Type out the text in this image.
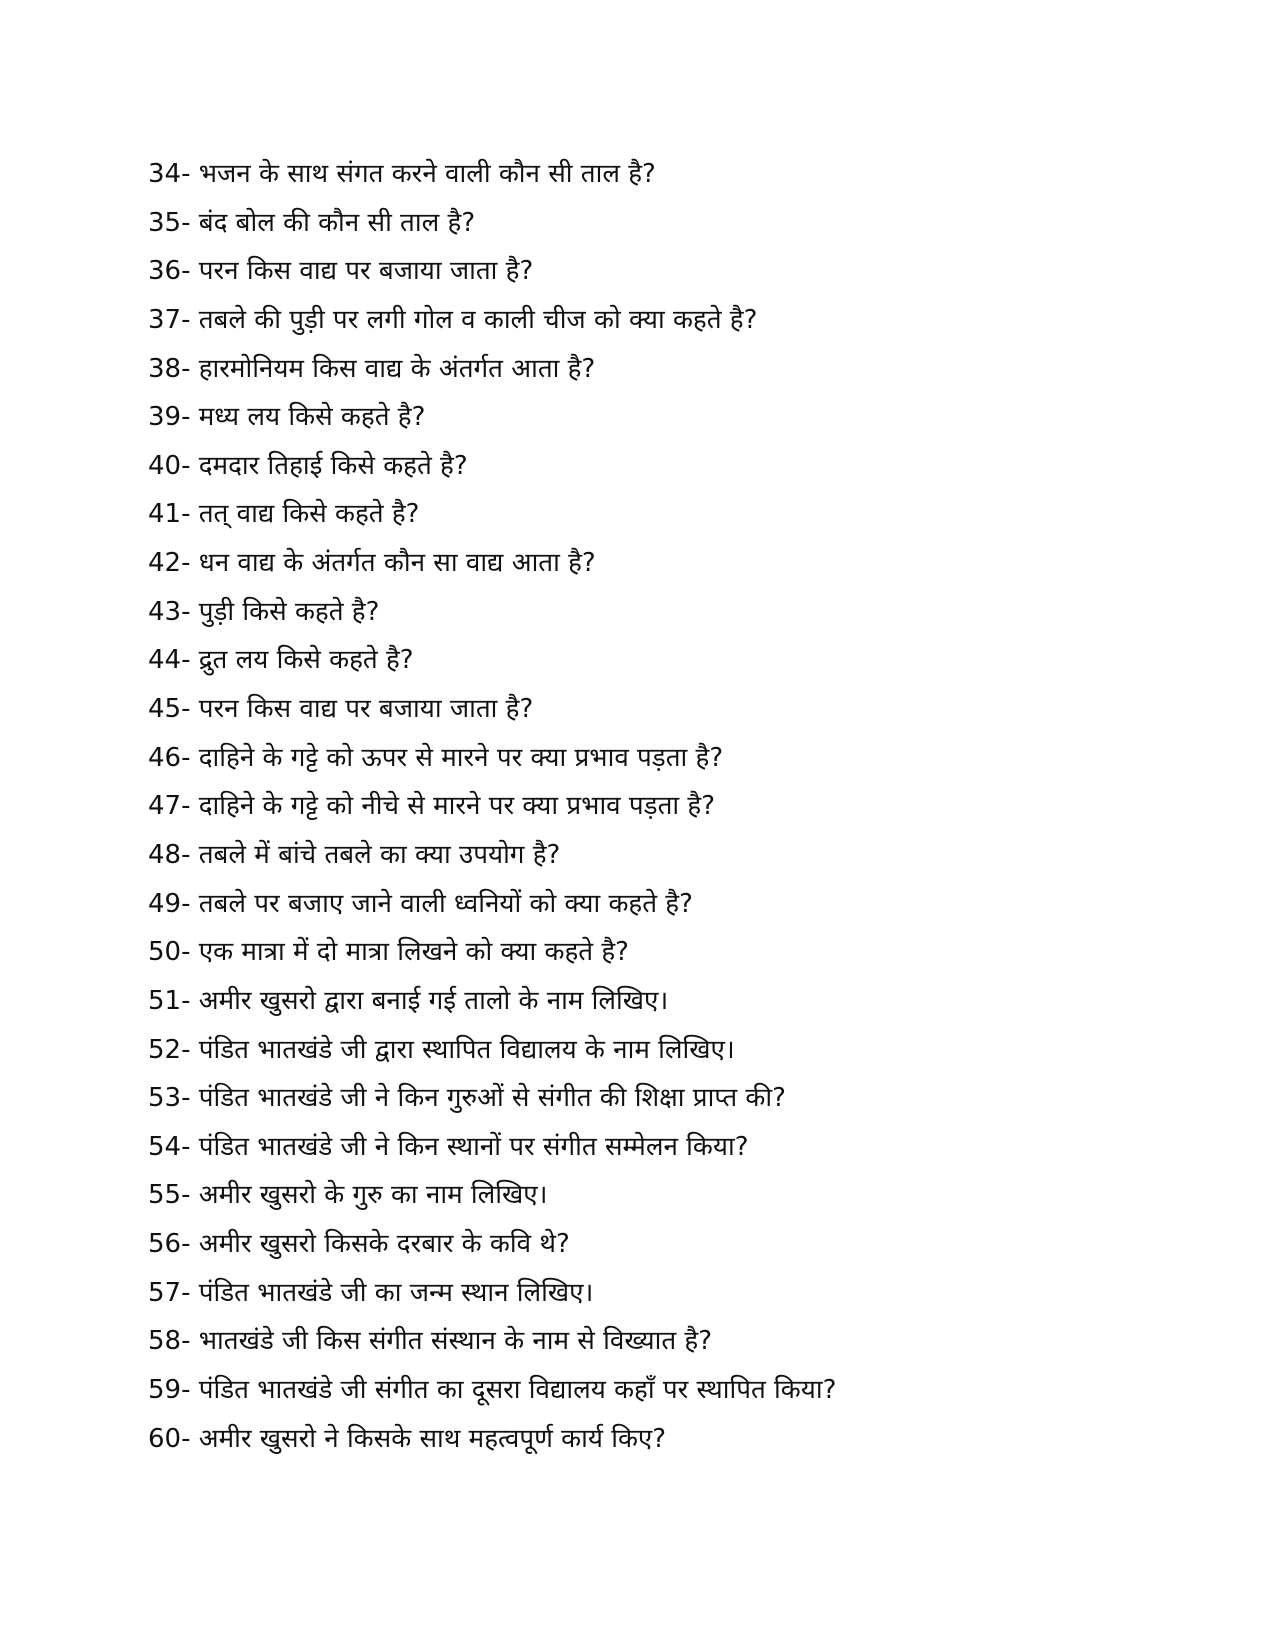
34- भजन के साथ संगत करने वाली कौन सी ताल है?
35- बंद बोल की कौन सी ताल है?
36- परन किस वाद्य पर बजाया जाता है?
37- तबले की पुड़ी पर लगी गोल व काली चीज को क्या कहते है?
38- हारमोनियम किस वाद्य के अंतर्गत आता है?
39- मध्य लय किसे कहते है?
40- दमदार तिहाई किसे कहते है?
41- तत् वाद्य किसे कहते है?
42- धन वाद्य के अंतर्गत कौन सा वाद्य आता है?
43- पुड़ी किसे कहते है?
44- द्रुत लय किसे कहते है?
45- परन किस वाद्य पर बजाया जाता है?
46- दाहिने के गट्टे को ऊपर से मारने पर क्या प्रभाव पड़ता है?
47- दाहिने के गट्टे को नीचे से मारने पर क्या प्रभाव पड़ता है?
48- तबले में बांचे तबले का क्या उपयोग है?
49- तबले पर बजाए जाने वाली ध्वनियों को क्या कहते है?
50- एक मात्रा में दो मात्रा लिखने को क्या कहते है?
51- अमीर खुसरो द्वारा बनाई गई तालो के नाम लिखिए।
52- पंडित भातखंडे जी द्वारा स्थापित विद्यालय के नाम लिखिए।
53- पंडित भातखंडे जी ने किन गुरुओं से संगीत की शिक्षा प्राप्त की?
54- पंडित भातखंडे जी ने किन स्थानों पर संगीत सम्मेलन किया?
55- अमीर खुसरो के गुरु का नाम लिखिए।
56- अमीर खुसरो किसके दरबार के कवि थे?
57- पंडित भातखंडे जी का जन्म स्थान लिखिए।
58- भातखंडे जी किस संगीत संस्थान के नाम से विख्यात है?
59- पंडित भातखंडे जी संगीत का दूसरा विद्यालय कहाँ पर स्थापित किया?
60- अमीर खुसरो ने किसके साथ महत्वपूर्ण कार्य किए?
